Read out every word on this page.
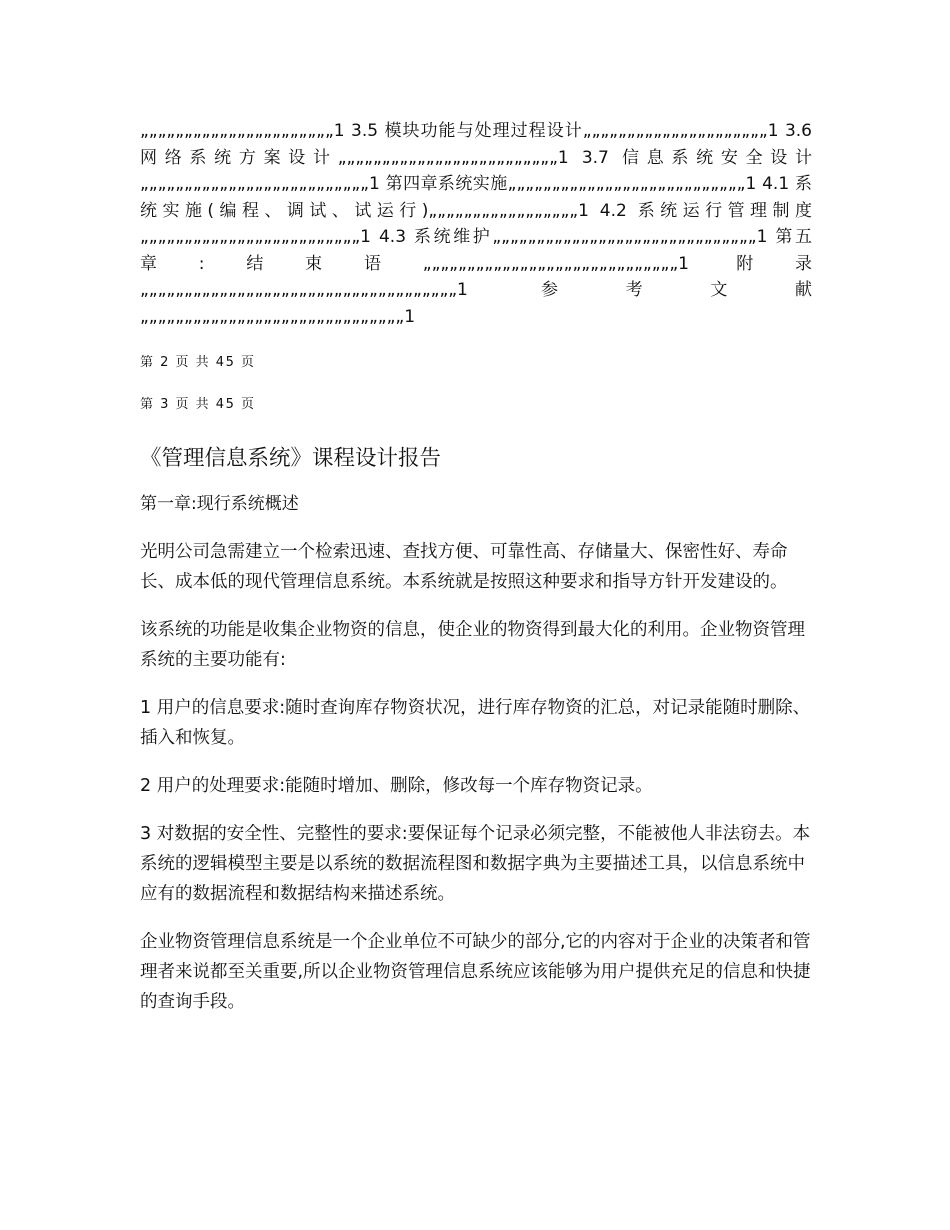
„„„„„„„„„„„„„„„„„„„„„„1 3.5 模块功能与处理过程设计„„„„„„„„„„„„„„„„„„„„„1 3.6 网络系统方案设计„„„„„„„„„„„„„„„„„„„„„„„„„1 3.7 信息系统安全设计„„„„„„„„„„„„„„„„„„„„„„„„„„1 第四章系统实施„„„„„„„„„„„„„„„„„„„„„„„„„„„1 4.1 系统实施(编程、调试、试运行)„„„„„„„„„„„„„„„„„1 4.2 系统运行管理制度„„„„„„„„„„„„„„„„„„„„„„„„„1 4.3 系统维护„„„„„„„„„„„„„„„„„„„„„„„„„„„„„„1 第五章:结束语„„„„„„„„„„„„„„„„„„„„„„„„„„„„„1 附录„„„„„„„„„„„„„„„„„„„„„„„„„„„„„„„„„„„„1 参考文献„„„„„„„„„„„„„„„„„„„„„„„„„„„„„„1

第 2 页 共 45 页

第 3 页 共 45 页

《管理信息系统》课程设计报告
第一章:现行系统概述

光明公司急需建立一个检索迅速、查找方便、可靠性高、存储量大、保密性好、寿命长、成本低的现代管理信息系统。本系统就是按照这种要求和指导方针开发建设的。

该系统的功能是收集企业物资的信息，使企业的物资得到最大化的利用。企业物资管理系统的主要功能有:

1 用户的信息要求:随时查询库存物资状况，进行库存物资的汇总，对记录能随时删除、插入和恢复。

2 用户的处理要求:能随时增加、删除，修改每一个库存物资记录。

3 对数据的安全性、完整性的要求:要保证每个记录必须完整，不能被他人非法窃去。本系统的逻辑模型主要是以系统的数据流程图和数据字典为主要描述工具，以信息系统中应有的数据流程和数据结构来描述系统。

企业物资管理信息系统是一个企业单位不可缺少的部分,它的内容对于企业的决策者和管理者来说都至关重要,所以企业物资管理信息系统应该能够为用户提供充足的信息和快捷的查询手段。
